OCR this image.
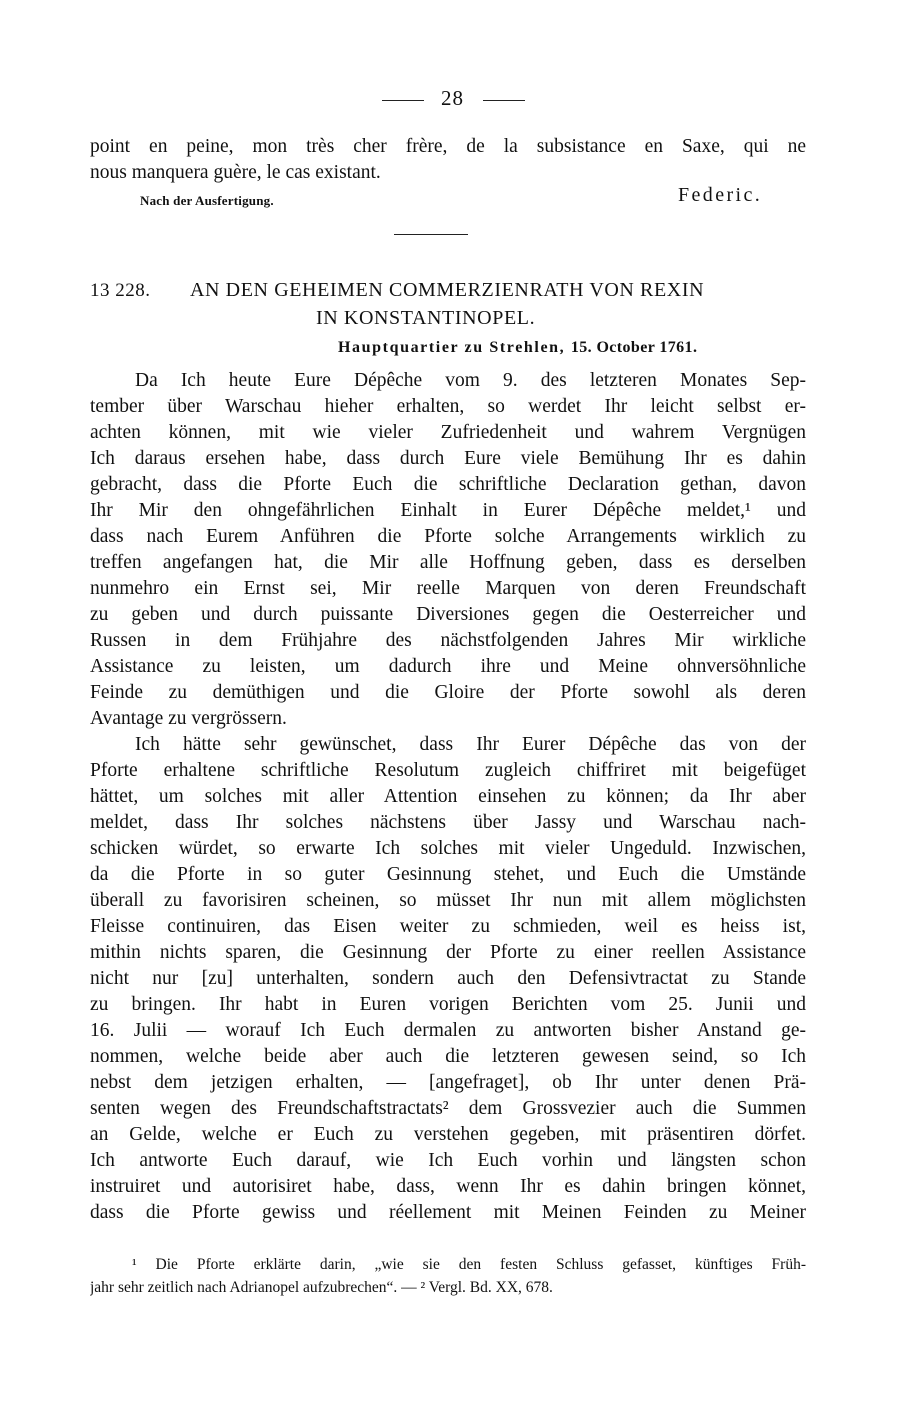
28
point en peine, mon très cher frère, de la subsistance en Saxe, qui ne
nous manquera guère, le cas existant.
Nach der Ausfertigung.	Federic.
13 228. AN DEN GEHEIMEN COMMERZIENRATH VON REXIN
IN KONSTANTINOPEL.
Hauptquartier zu Strehlen, 15. October 1761.
Da Ich heute Eure Dépêche vom 9. des letzteren Monates Sep-
tember über Warschau hieher erhalten, so werdet Ihr leicht selbst er-
achten können, mit wie vieler Zufriedenheit und wahrem Vergnügen
Ich daraus ersehen habe, dass durch Eure viele Bemühung Ihr es dahin
gebracht, dass die Pforte Euch die schriftliche Declaration gethan, davon
Ihr Mir den ohngefährlichen Einhalt in Eurer Dépêche meldet,¹ und
dass nach Eurem Anführen die Pforte solche Arrangements wirklich zu
treffen angefangen hat, die Mir alle Hoffnung geben, dass es derselben
nunmehro ein Ernst sei, Mir reelle Marquen von deren Freundschaft
zu geben und durch puissante Diversiones gegen die Oesterreicher und
Russen in dem Frühjahre des nächstfolgenden Jahres Mir wirkliche
Assistance zu leisten, um dadurch ihre und Meine ohnversöhnliche
Feinde zu demüthigen und die Gloire der Pforte sowohl als deren
Avantage zu vergrössern.
Ich hätte sehr gewünschet, dass Ihr Eurer Dépêche das von der
Pforte erhaltene schriftliche Resolutum zugleich chiffriret mit beigefüget
hättet, um solches mit aller Attention einsehen zu können; da Ihr aber
meldet, dass Ihr solches nächstens über Jassy und Warschau nach-
schicken würdet, so erwarte Ich solches mit vieler Ungeduld. Inzwischen,
da die Pforte in so guter Gesinnung stehet, und Euch die Umstände
überall zu favorisiren scheinen, so müsset Ihr nun mit allem möglichsten
Fleisse continuiren, das Eisen weiter zu schmieden, weil es heiss ist,
mithin nichts sparen, die Gesinnung der Pforte zu einer reellen Assistance
nicht nur [zu] unterhalten, sondern auch den Defensivtractat zu Stande
zu bringen. Ihr habt in Euren vorigen Berichten vom 25. Junii und
16. Julii — worauf Ich Euch dermalen zu antworten bisher Anstand ge-
nommen, welche beide aber auch die letzteren gewesen seind, so Ich
nebst dem jetzigen erhalten, — [angefraget], ob Ihr unter denen Prä-
senten wegen des Freundschaftstractats² dem Grossvezier auch die Summen
an Gelde, welche er Euch zu verstehen gegeben, mit präsentiren dörfet.
Ich antworte Euch darauf, wie Ich Euch vorhin und längsten schon
instruiret und autorisiret habe, dass, wenn Ihr es dahin bringen könnet,
dass die Pforte gewiss und réellement mit Meinen Feinden zu Meiner
¹ Die Pforte erklärte darin, „wie sie den festen Schluss gefasset, künftiges Früh-
jahr sehr zeitlich nach Adrianopel aufzubrechen“. — ² Vergl. Bd. XX, 678.
